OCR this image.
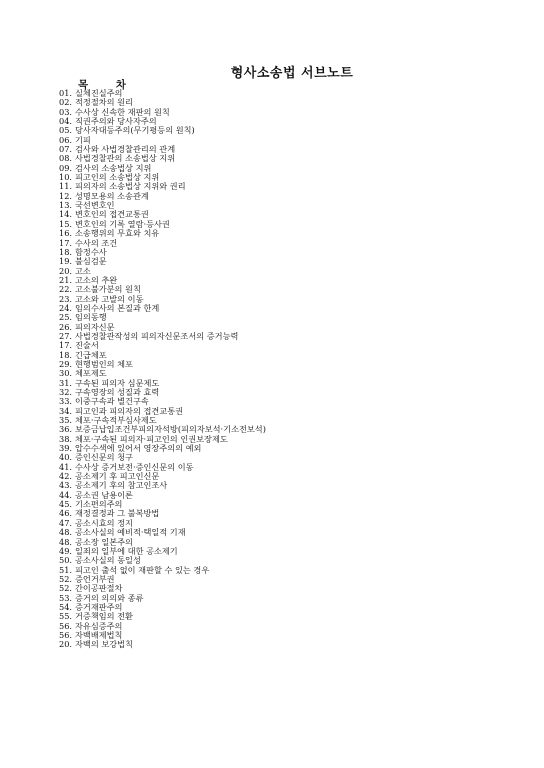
형사소송법 서브노트
목 차
01. 실체진실주의
02. 적정절차의 원리
03. 수사상 신속한 재판의 원칙
04. 직권주의와 당사자주의
05. 당사자대등주의(무기평등의 원칙)
06. 기피
07. 검사와 사법경찰관리의 관계
08. 사법경찰관의 소송법상 지위
09. 검사의 소송법상 지위
10. 피고인의 소송법상 지위
11. 피의자의 소송법상 지위와 권리
12. 성명모용의 소송관계
13. 국선변호인
14. 변호인의 접견교통권
15. 변호인의 기록 열람·등사권
16. 소송행위의 무효와 치유
17. 수사의 조건
18. 함정수사
19. 불심검문
20. 고소
21. 고소의 추완
22. 고소불가분의 원칙
23. 고소와 고발의 이동
24. 임의수사의 본질과 한계
25. 임의동행
26. 피의자신문
27. 사법경찰관작성의 피의자신문조서의 증거능력
17. 진술서
18. 긴급체포
29. 현행범인의 체포
30. 체포제도
31. 구속된 피의자 심문제도
32. 구속영장의 성질과 효력
33. 이중구속과 별건구속
34. 피고인과 피의자의 접견교통권
35. 체포·구속적부심사제도
36. 보증금납입조건부피의자석방(피의자보석·기소전보석)
38. 체포·구속된 피의자·피고인의 인권보장제도
39. 압수수색에 있어서 영장주의의 예외
40. 증인신문의 청구
41. 수사상 증거보전·증인신문의 이동
42. 공소제기 후 피고인신문
43. 공소제기 후의 참고인조사
44. 공소권 남용이론
45. 기소편의주의
46. 재정결정과 그 불복방법
47. 공소시효의 정지
48. 공소사실의 예비적·택일적 기재
48. 공소장 일본주의
49. 일죄의 일부에 대한 공소제기
50. 공소사실의 동일성
51. 피고인 출석 없이 재판할 수 있는 경우
52. 증언거부권
52. 간이공판절차
53. 증거의 의의와 종류
54. 증거재판주의
55. 거증책임의 전환
56. 자유심증주의
56. 자백배제법칙
20. 자백의 보강법칙
